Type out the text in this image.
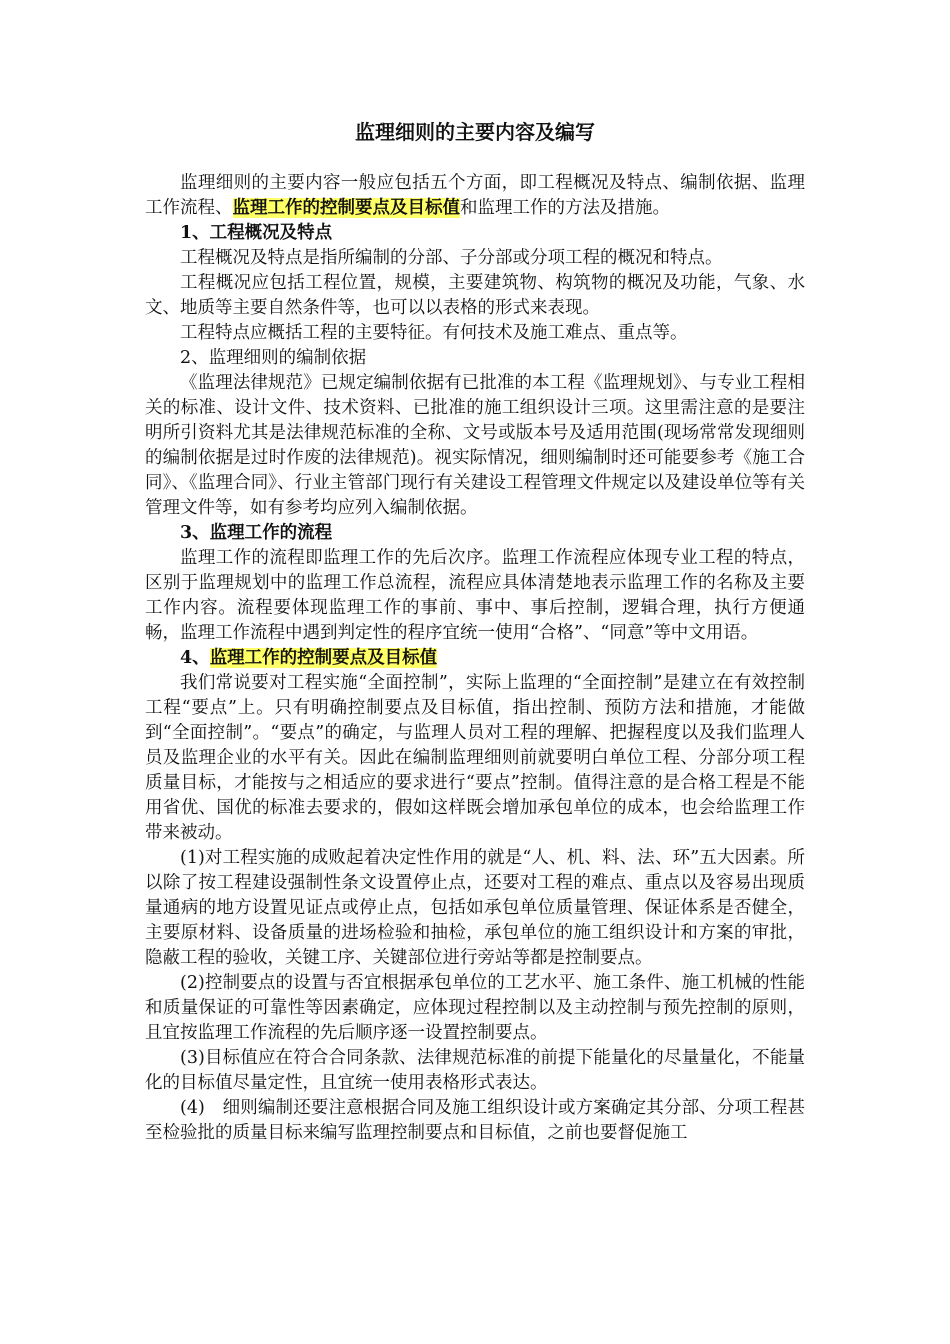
监理细则的主要内容及编写

监理细则的主要内容一般应包括五个方面，即工程概况及特点、编制依据、监理工作流程、监理工作的控制要点及目标值和监理工作的方法及措施。

1、工程概况及特点

工程概况及特点是指所编制的分部、子分部或分项工程的概况和特点。

工程概况应包括工程位置，规模，主要建筑物、构筑物的概况及功能，气象、水文、地质等主要自然条件等，也可以以表格的形式来表现。

工程特点应概括工程的主要特征。有何技术及施工难点、重点等。

2、监理细则的编制依据

《监理法律规范》已规定编制依据有已批准的本工程《监理规划》、与专业工程相关的标准、设计文件、技术资料、已批准的施工组织设计三项。这里需注意的是要注明所引资料尤其是法律规范标准的全称、文号或版本号及适用范围(现场常常发现细则的编制依据是过时作废的法律规范)。视实际情况，细则编制时还可能要参考《施工合同》、《监理合同》、行业主管部门现行有关建设工程管理文件规定以及建设单位等有关管理文件等，如有参考均应列入编制依据。

3、监理工作的流程

监理工作的流程即监理工作的先后次序。监理工作流程应体现专业工程的特点，区别于监理规划中的监理工作总流程，流程应具体清楚地表示监理工作的名称及主要工作内容。流程要体现监理工作的事前、事中、事后控制，逻辑合理，执行方便通畅，监理工作流程中遇到判定性的程序宜统一使用“合格”、“同意”等中文用语。

4、监理工作的控制要点及目标值

我们常说要对工程实施“全面控制”，实际上监理的“全面控制”是建立在有效控制工程“要点”上。只有明确控制要点及目标值，指出控制、预防方法和措施，才能做到“全面控制”。“要点”的确定，与监理人员对工程的理解、把握程度以及我们监理人员及监理企业的水平有关。因此在编制监理细则前就要明白单位工程、分部分项工程质量目标，才能按与之相适应的要求进行“要点”控制。值得注意的是合格工程是不能用省优、国优的标准去要求的，假如这样既会增加承包单位的成本，也会给监理工作带来被动。

(1)对工程实施的成败起着决定性作用的就是“人、机、料、法、环”五大因素。所以除了按工程建设强制性条文设置停止点，还要对工程的难点、重点以及容易出现质量通病的地方设置见证点或停止点，包括如承包单位质量管理、保证体系是否健全，主要原材料、设备质量的进场检验和抽检，承包单位的施工组织设计和方案的审批，隐蔽工程的验收，关键工序、关键部位进行旁站等都是控制要点。

(2)控制要点的设置与否宜根据承包单位的工艺水平、施工条件、施工机械的性能和质量保证的可靠性等因素确定，应体现过程控制以及主动控制与预先控制的原则，且宜按监理工作流程的先后顺序逐一设置控制要点。

(3)目标值应在符合合同条款、法律规范标准的前提下能量化的尽量量化，不能量化的目标值尽量定性，且宜统一使用表格形式表达。

(4)　细则编制还要注意根据合同及施工组织设计或方案确定其分部、分项工程甚至检验批的质量目标来编写监理控制要点和目标值，之前也要督促施工
